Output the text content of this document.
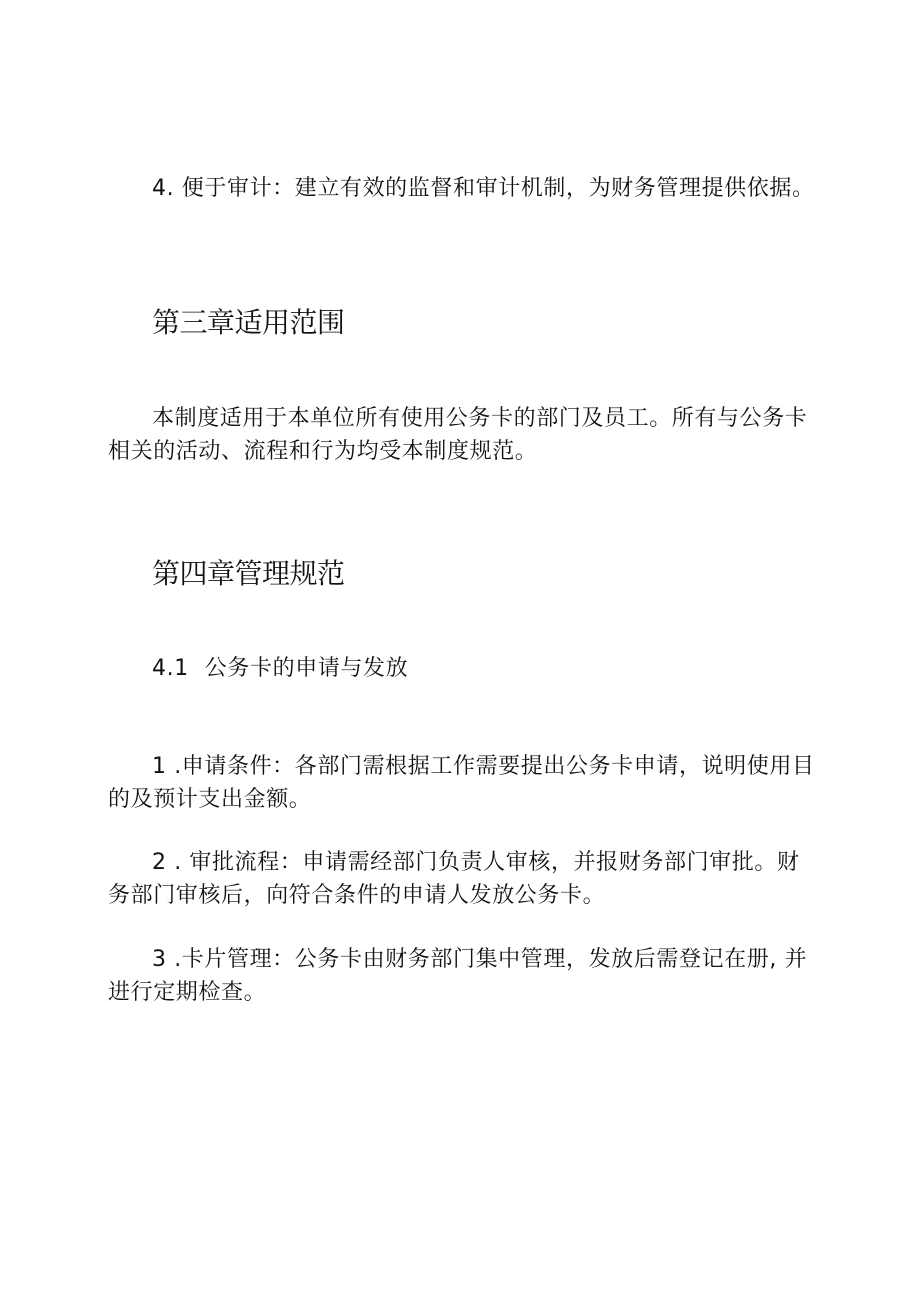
4. 便于审计：建立有效的监督和审计机制，为财务管理提供依据。

第三章适用范围

本制度适用于本单位所有使用公务卡的部门及员工。所有与公务卡相关的活动、流程和行为均受本制度规范。

第四章管理规范

4.1 公务卡的申请与发放

1 .申请条件：各部门需根据工作需要提出公务卡申请，说明使用目的及预计支出金额。

2 . 审批流程：申请需经部门负责人审核，并报财务部门审批。财务部门审核后，向符合条件的申请人发放公务卡。

3 .卡片管理：公务卡由财务部门集中管理，发放后需登记在册, 并进行定期检查。
